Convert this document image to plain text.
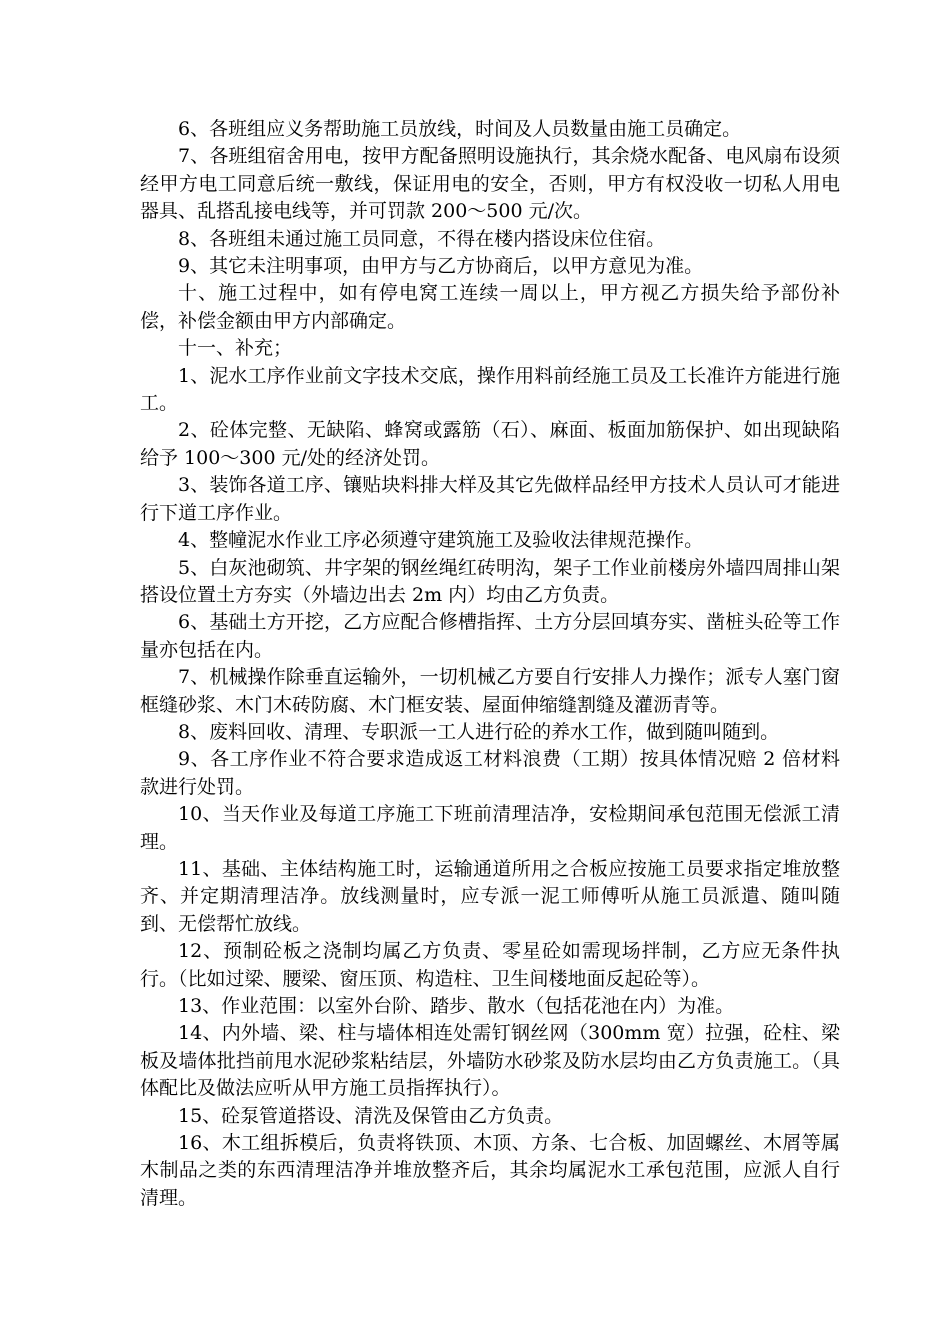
6、各班组应义务帮助施工员放线，时间及人员数量由施工员确定。

7、各班组宿舍用电，按甲方配备照明设施执行，其余烧水配备、电风扇布设须经甲方电工同意后统一敷线，保证用电的安全，否则，甲方有权没收一切私人用电器具、乱搭乱接电线等，并可罚款 200～500 元/次。

8、各班组未通过施工员同意，不得在楼内搭设床位住宿。

9、其它未注明事项，由甲方与乙方协商后，以甲方意见为准。

十、施工过程中，如有停电窝工连续一周以上，甲方视乙方损失给予部份补偿，补偿金额由甲方内部确定。

十一、补充；

1、泥水工序作业前文字技术交底，操作用料前经施工员及工长准许方能进行施工。

2、砼体完整、无缺陷、蜂窝或露筋（石）、麻面、板面加筋保护、如出现缺陷给予 100～300 元/处的经济处罚。

3、装饰各道工序、镶贴块料排大样及其它先做样品经甲方技术人员认可才能进行下道工序作业。

4、整幢泥水作业工序必须遵守建筑施工及验收法律规范操作。

5、白灰池砌筑、井字架的钢丝绳红砖明沟，架子工作业前楼房外墙四周排山架搭设位置土方夯实（外墙边出去 2m 内）均由乙方负责。

6、基础土方开挖，乙方应配合修槽指挥、土方分层回填夯实、凿桩头砼等工作量亦包括在内。

7、机械操作除垂直运输外，一切机械乙方要自行安排人力操作；派专人塞门窗框缝砂浆、木门木砖防腐、木门框安装、屋面伸缩缝割缝及灌沥青等。

8、废料回收、清理、专职派一工人进行砼的养水工作，做到随叫随到。

9、各工序作业不符合要求造成返工材料浪费（工期）按具体情况赔 2 倍材料款进行处罚。

10、当天作业及每道工序施工下班前清理洁净，安检期间承包范围无偿派工清理。

11、基础、主体结构施工时，运输通道所用之合板应按施工员要求指定堆放整齐、并定期清理洁净。放线测量时，应专派一泥工师傅听从施工员派遣、随叫随到、无偿帮忙放线。

12、预制砼板之浇制均属乙方负责、零星砼如需现场拌制，乙方应无条件执行。（比如过梁、腰梁、窗压顶、构造柱、卫生间楼地面反起砼等）。

13、作业范围：以室外台阶、踏步、散水（包括花池在内）为准。

14、内外墙、梁、柱与墙体相连处需钉钢丝网（300mm 宽）拉强，砼柱、梁板及墙体批挡前甩水泥砂浆粘结层，外墙防水砂浆及防水层均由乙方负责施工。（具体配比及做法应听从甲方施工员指挥执行）。

15、砼泵管道搭设、清洗及保管由乙方负责。

16、木工组拆模后，负责将铁顶、木顶、方条、七合板、加固螺丝、木屑等属木制品之类的东西清理洁净并堆放整齐后，其余均属泥水工承包范围，应派人自行清理。
